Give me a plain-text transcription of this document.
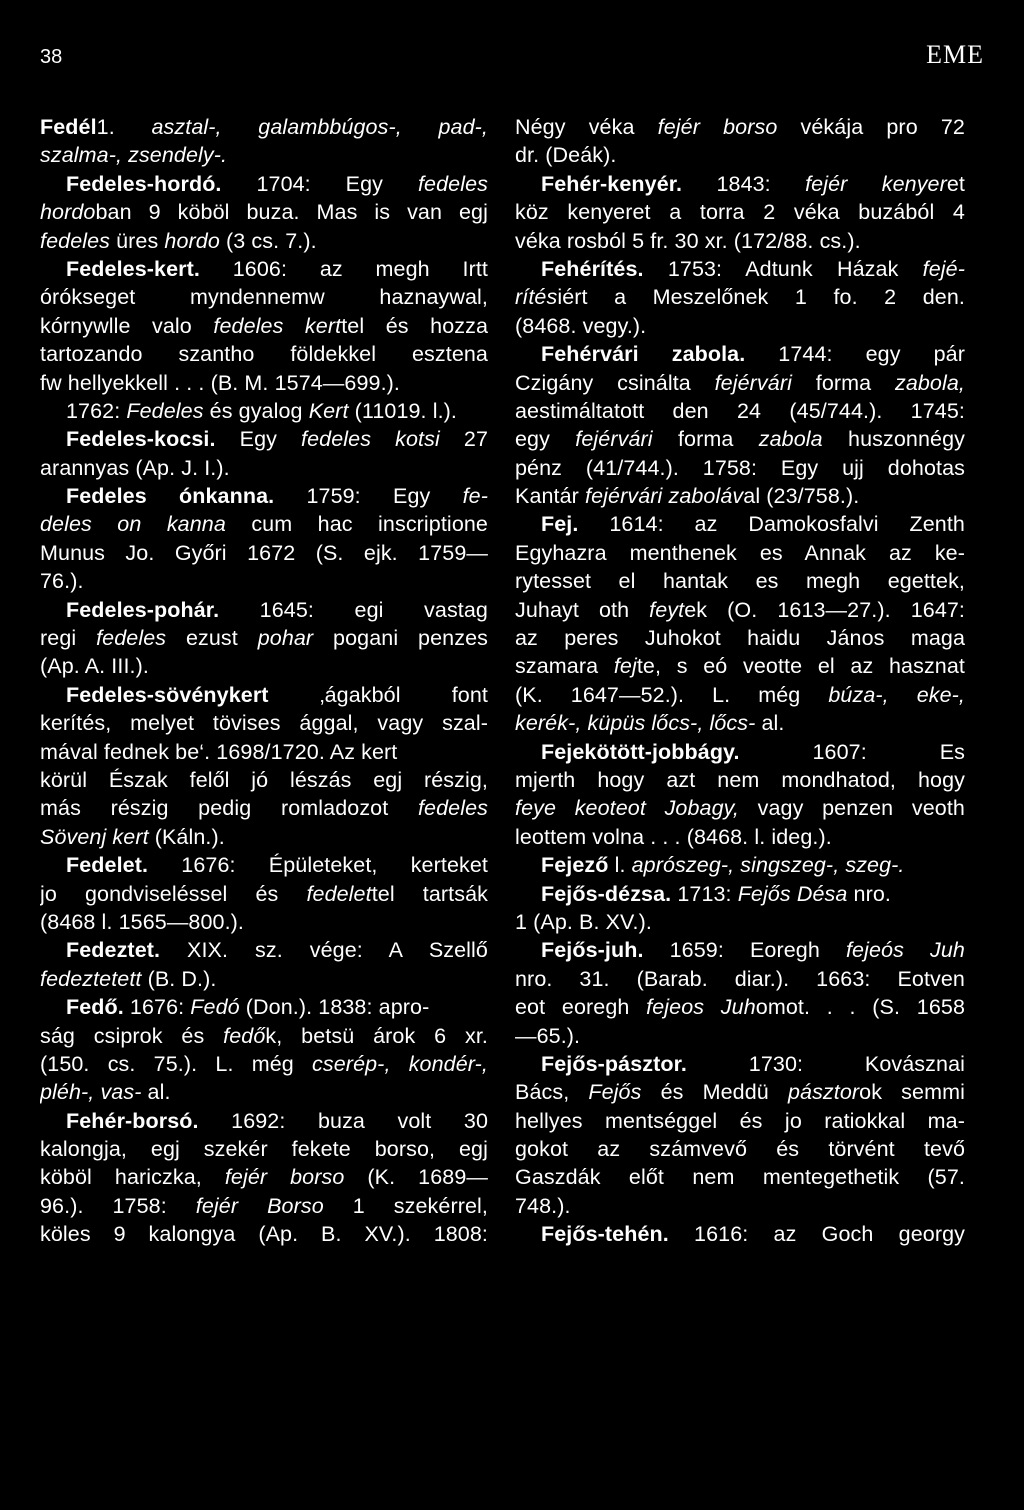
38	EME
Fedél1. asztal-, galambbúgos-, pad-,
szalma-, zsendely-.
Fedeles-hordó. 1704: Egy fedeles
hordoban 9 köböl buza. Mas is van egj
fedeles üres hordo (3 cs. 7.).
Fedeles-kert. 1606: az megh Irtt
órókseget myndennemw haznaywal,
kórnywlle valo fedeles kerttel és hozza
tartozando szantho földekkel esztena
fw hellyekkell . . . (B. M. 1574—699.).
1762: Fedeles és gyalog Kert (11019. l.).
Fedeles-kocsi. Egy fedeles kotsi 27
arannyas (Ap. J. I.).
Fedeles ónkanna. 1759: Egy fe-
deles on kanna cum hac inscriptione
Munus Jo. Győri 1672 (S. ejk. 1759—
76.).
Fedeles-pohár. 1645: egi vastag
regi fedeles ezust pohar pogani penzes
(Ap. A. III.).
Fedeles-sövénykert ‚ágakból font
kerítés, melyet tövises ággal, vagy szal-
mával fednek be‘. 1698/1720. Az kert
körül Észak felől jó lészás egj részig,
más részig pedig romladozot fedeles
Sövenj kert (Káln.).
Fedelet. 1676: Épületeket, kerteket
jo gondviseléssel és fedelettel tartsák
(8468 l. 1565—800.).
Fedeztet. XIX. sz. vége: A Szellő
fedeztetett (B. D.).
Fedő. 1676: Fedó (Don.). 1838: apro-
ság csiprok és fedők, betsü árok 6 xr.
(150. cs. 75.). L. még cserép-, kondér-,
pléh-, vas- al.
Fehér-borsó. 1692: buza volt 30
kalongja, egj szekér fekete borso, egj
köböl hariczka, fejér borso (K. 1689—
96.). 1758: fejér Borso 1 szekérrel,
köles 9 kalongya (Ap. B. XV.). 1808:
Négy véka fejér borso vékája pro 72
dr. (Deák).
Fehér-kenyér. 1843: fejér kenyeret
köz kenyeret a torra 2 véka buzából 4
véka rosból 5 fr. 30 xr. (172/88. cs.).
Fehérítés. 1753: Adtunk Házak fejé-
rítésiért a Meszelőnek 1 fo. 2 den.
(8468. vegy.).
Fehérvári zabola. 1744: egy pár
Czigány csinálta fejérvári forma zabola,
aestimáltatott den 24 (45/744.). 1745:
egy fejérvári forma zabola huszonnégy
pénz (41/744.). 1758: Egy ujj dohotas
Kantár fejérvári zabolával (23/758.).
Fej. 1614: az Damokosfalvi Zenth
Egyhazra menthenek es Annak az ke-
rytesset el hantak es megh egettek,
Juhayt oth feytek (O. 1613—27.). 1647:
az peres Juhokot haidu János maga
szamara fejte, s eó veotte el az hasznat
(K. 1647—52.). L. még búza-, eke-,
kerék-, küpüs lőcs-, lőcs- al.
Fejekötött-jobbágy. 1607: Es
mjerth hogy azt nem mondhatod, hogy
feye keoteot Jobagy, vagy penzen veoth
leottem volna . . . (8468. l. ideg.).
Fejező l. aprószeg-, singszeg-, szeg-.
Fejős-dézsa. 1713: Fejős Désa nro.
1 (Ap. B. XV.).
Fejős-juh. 1659: Eoregh fejeós Juh
nro. 31. (Barab. diar.). 1663: Eotven
eot eoregh fejeos Juhomot. . . (S. 1658
—65.).
Fejős-pásztor. 1730: Kovásznai
Bács, Fejős és Meddü pásztorok semmi
hellyes mentséggel és jo ratiokkal ma-
gokot az számvevő és törvént tevő
Gaszdák előt nem mentegethetik (57.
748.).
Fejős-tehén. 1616: az Goch georgy
